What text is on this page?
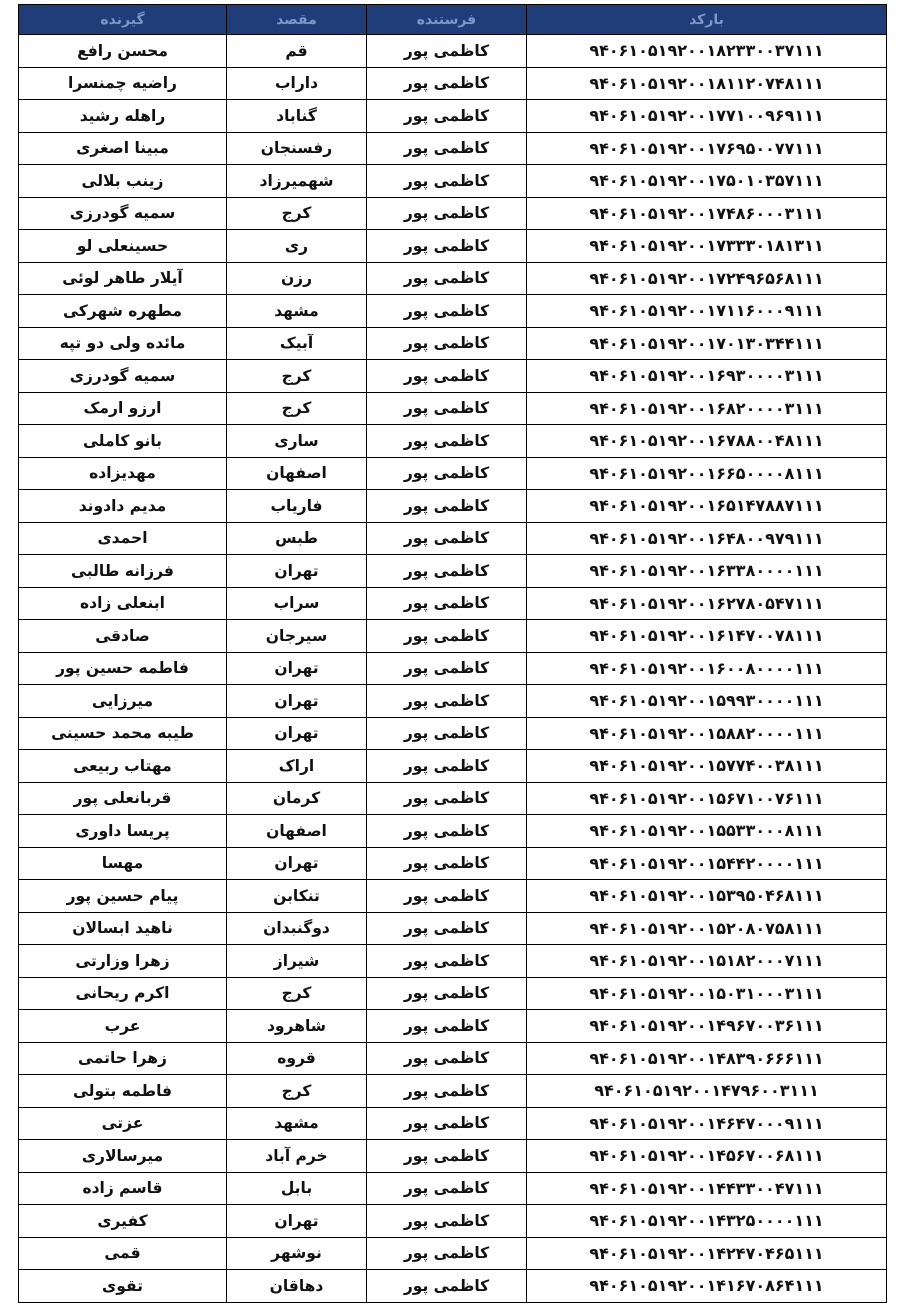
بارکد	فرستنده	مقصد	گیرنده
۹۴۰۶۱۰۵۱۹۲۰۰۱۸۲۳۳۰۰۳۷۱۱۱	کاظمی پور	قم	محسن رافع
۹۴۰۶۱۰۵۱۹۲۰۰۱۸۱۱۲۰۷۴۸۱۱۱	کاظمی پور	داراب	راضیه چمنسرا
۹۴۰۶۱۰۵۱۹۲۰۰۱۷۷۱۰۰۹۶۹۱۱۱	کاظمی پور	گناباد	راهله رشید
۹۴۰۶۱۰۵۱۹۲۰۰۱۷۶۹۵۰۰۷۷۱۱۱	کاظمی پور	رفسنجان	مبینا اصغری
۹۴۰۶۱۰۵۱۹۲۰۰۱۷۵۰۱۰۳۵۷۱۱۱	کاظمی پور	شهمیرزاد	زینب بلالی
۹۴۰۶۱۰۵۱۹۲۰۰۱۷۴۸۶۰۰۰۳۱۱۱	کاظمی پور	کرج	سمیه گودرزی
۹۴۰۶۱۰۵۱۹۲۰۰۱۷۳۳۳۰۱۸۱۳۱۱	کاظمی پور	ری	حسینعلی لو
۹۴۰۶۱۰۵۱۹۲۰۰۱۷۲۴۹۶۵۶۸۱۱۱	کاظمی پور	رزن	آیلار طاهر لوئی
۹۴۰۶۱۰۵۱۹۲۰۰۱۷۱۱۶۰۰۰۹۱۱۱	کاظمی پور	مشهد	مطهره شهرکی
۹۴۰۶۱۰۵۱۹۲۰۰۱۷۰۱۳۰۳۴۴۱۱۱	کاظمی پور	آبیک	مائده ولی دو تپه
۹۴۰۶۱۰۵۱۹۲۰۰۱۶۹۳۰۰۰۰۳۱۱۱	کاظمی پور	کرج	سمیه گودرزی
۹۴۰۶۱۰۵۱۹۲۰۰۱۶۸۲۰۰۰۰۳۱۱۱	کاظمی پور	کرج	ارزو ارمک
۹۴۰۶۱۰۵۱۹۲۰۰۱۶۷۸۸۰۰۴۸۱۱۱	کاظمی پور	ساری	بانو کاملی
۹۴۰۶۱۰۵۱۹۲۰۰۱۶۶۵۰۰۰۰۸۱۱۱	کاظمی پور	اصفهان	مهدیزاده
۹۴۰۶۱۰۵۱۹۲۰۰۱۶۵۱۴۷۸۸۷۱۱۱	کاظمی پور	فاریاب	مدیم دادوند
۹۴۰۶۱۰۵۱۹۲۰۰۱۶۴۸۰۰۹۷۹۱۱۱	کاظمی پور	طبس	احمدی
۹۴۰۶۱۰۵۱۹۲۰۰۱۶۳۳۸۰۰۰۰۱۱۱	کاظمی پور	تهران	فرزانه طالبی
۹۴۰۶۱۰۵۱۹۲۰۰۱۶۲۷۸۰۵۴۷۱۱۱	کاظمی پور	سراب	ابنعلی زاده
۹۴۰۶۱۰۵۱۹۲۰۰۱۶۱۴۷۰۰۷۸۱۱۱	کاظمی پور	سیرجان	صادقی
۹۴۰۶۱۰۵۱۹۲۰۰۱۶۰۰۸۰۰۰۰۱۱۱	کاظمی پور	تهران	فاطمه حسین پور
۹۴۰۶۱۰۵۱۹۲۰۰۱۵۹۹۳۰۰۰۰۱۱۱	کاظمی پور	تهران	میرزایی
۹۴۰۶۱۰۵۱۹۲۰۰۱۵۸۸۲۰۰۰۰۱۱۱	کاظمی پور	تهران	طیبه محمد حسینی
۹۴۰۶۱۰۵۱۹۲۰۰۱۵۷۷۴۰۰۳۸۱۱۱	کاظمی پور	اراک	مهتاب ربیعی
۹۴۰۶۱۰۵۱۹۲۰۰۱۵۶۷۱۰۰۷۶۱۱۱	کاظمی پور	کرمان	قربانعلی پور
۹۴۰۶۱۰۵۱۹۲۰۰۱۵۵۳۳۰۰۰۸۱۱۱	کاظمی پور	اصفهان	پریسا داوری
۹۴۰۶۱۰۵۱۹۲۰۰۱۵۴۴۲۰۰۰۰۱۱۱	کاظمی پور	تهران	مهسا
۹۴۰۶۱۰۵۱۹۲۰۰۱۵۳۹۵۰۴۶۸۱۱۱	کاظمی پور	تنکابن	پیام حسین پور
۹۴۰۶۱۰۵۱۹۲۰۰۱۵۲۰۸۰۷۵۸۱۱۱	کاظمی پور	دوگنبدان	ناهید ابسالان
۹۴۰۶۱۰۵۱۹۲۰۰۱۵۱۸۲۰۰۰۷۱۱۱	کاظمی پور	شیراز	زهرا وزارتی
۹۴۰۶۱۰۵۱۹۲۰۰۱۵۰۳۱۰۰۰۳۱۱۱	کاظمی پور	کرج	اکرم ریحانی
۹۴۰۶۱۰۵۱۹۲۰۰۱۴۹۶۷۰۰۳۶۱۱۱	کاظمی پور	شاهرود	عرب
۹۴۰۶۱۰۵۱۹۲۰۰۱۴۸۳۹۰۶۶۶۱۱۱	کاظمی پور	قروه	زهرا حاتمی
۹۴۰۶۱۰۵۱۹۲۰۰۱۴۷۹۶۰۰۳۱۱۱	کاظمی پور	کرج	فاطمه بتولی
۹۴۰۶۱۰۵۱۹۲۰۰۱۴۶۴۷۰۰۰۹۱۱۱	کاظمی پور	مشهد	عزتی
۹۴۰۶۱۰۵۱۹۲۰۰۱۴۵۶۷۰۰۶۸۱۱۱	کاظمی پور	خرم آباد	میرسالاری
۹۴۰۶۱۰۵۱۹۲۰۰۱۴۴۳۳۰۰۴۷۱۱۱	کاظمی پور	بابل	قاسم زاده
۹۴۰۶۱۰۵۱۹۲۰۰۱۴۳۲۵۰۰۰۰۱۱۱	کاظمی پور	تهران	کفیری
۹۴۰۶۱۰۵۱۹۲۰۰۱۴۲۴۷۰۴۶۵۱۱۱	کاظمی پور	نوشهر	قمی
۹۴۰۶۱۰۵۱۹۲۰۰۱۴۱۶۷۰۸۶۴۱۱۱	کاظمی پور	دهاقان	تقوی
